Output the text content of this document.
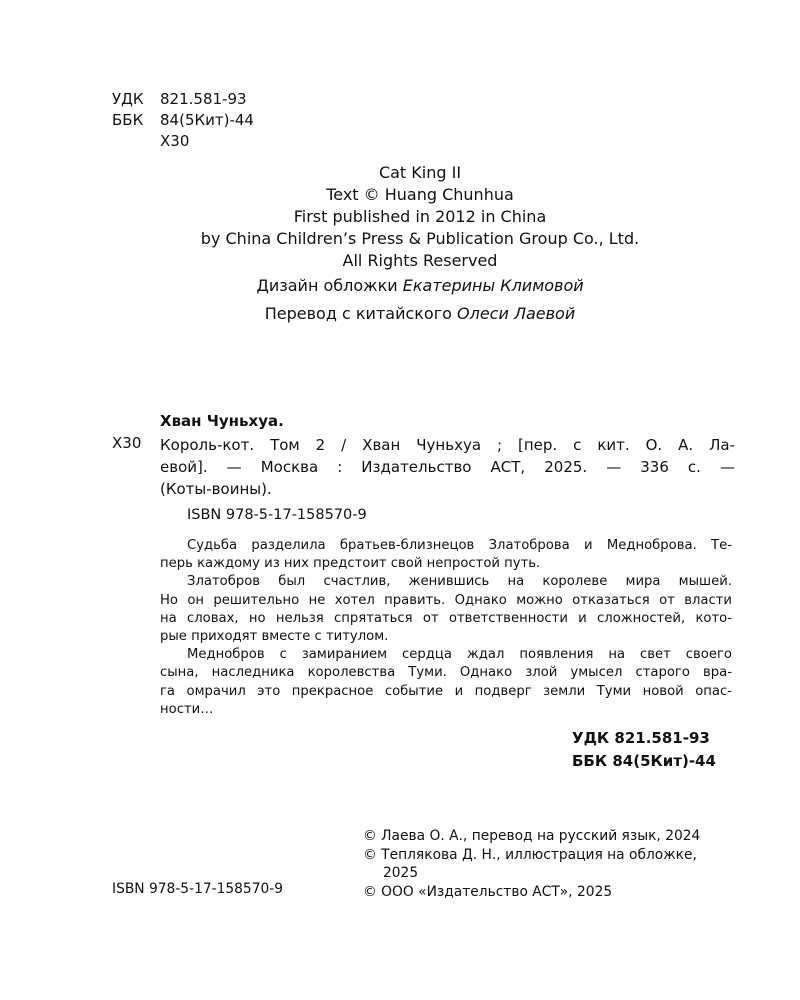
УДК	821.581-93
ББК	84(5Кит)-44
Х30
Cat King II
Text © Huang Chunhua
First published in 2012 in China
by China Children’s Press & Publication Group Co., Ltd.
All Rights Reserved
Дизайн обложки Екатерины Климовой
Перевод с китайского Олеси Лаевой
Хван Чуньхуа.
Х30 Король-кот. Том 2 / Хван Чуньхуа ; [пер. с кит. О. А. Ла-
евой]. — Москва : Издательство АСТ, 2025. — 336 с. —
(Коты-воины).
ISBN 978-5-17-158570-9
Судьба разделила братьев-близнецов Златоброва и Медноброва. Те-
перь каждому из них предстоит свой непростой путь.
Златобров был счастлив, женившись на королеве мира мышей.
Но он решительно не хотел править. Однако можно отказаться от власти
на словах, но нельзя спрятаться от ответственности и сложностей, кото-
рые приходят вместе с титулом.
Меднобров с замиранием сердца ждал появления на свет своего
сына, наследника королевства Туми. Однако злой умысел старого вра-
га омрачил это прекрасное событие и подверг земли Туми новой опас-
ности…
УДК 821.581-93
ББК 84(5Кит)-44
© Лаева О. А., перевод на русский язык, 2024
© Теплякова Д. Н., иллюстрация на обложке,
2025
© ООО «Издательство АСТ», 2025
ISBN 978-5-17-158570-9
